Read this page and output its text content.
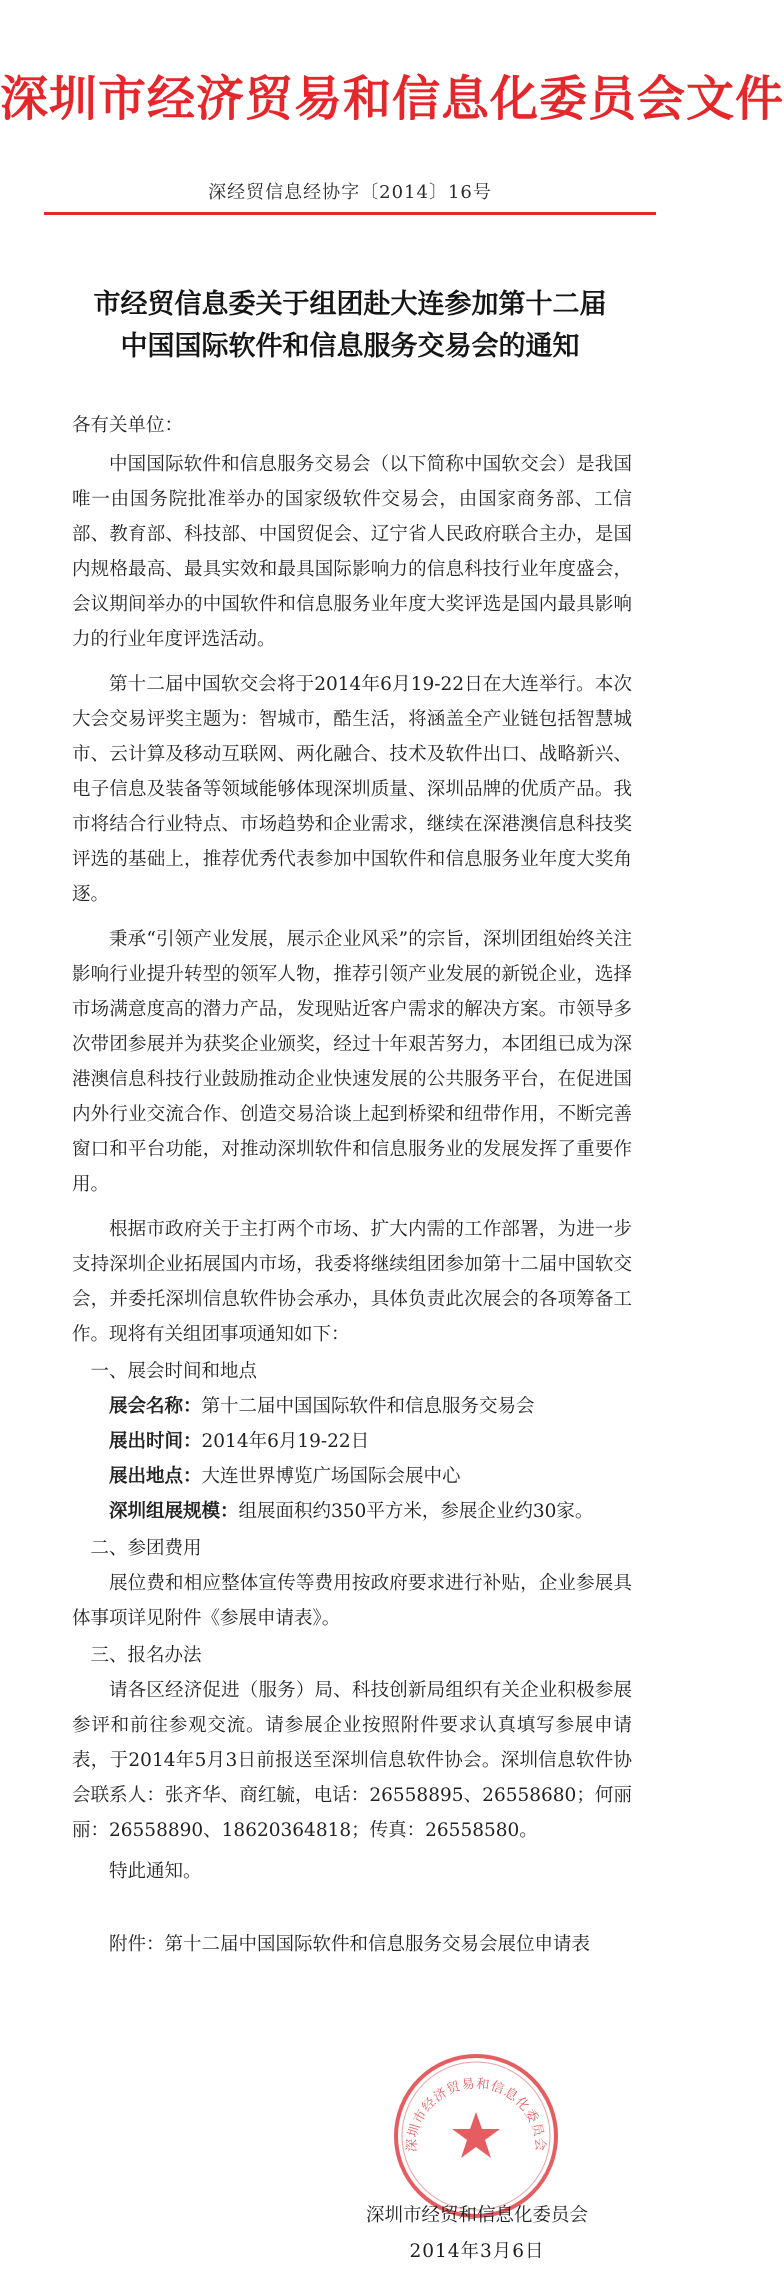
深圳市经济贸易和信息化委员会文件
深经贸信息经协字〔2014〕16号
市经贸信息委关于组团赴大连参加第十二届
中国国际软件和信息服务交易会的通知

各有关单位：

中国国际软件和信息服务交易会（以下简称中国软交会）是我国唯一由国务院批准举办的国家级软件交易会，由国家商务部、工信部、教育部、科技部、中国贸促会、辽宁省人民政府联合主办，是国内规格最高、最具实效和最具国际影响力的信息科技行业年度盛会，会议期间举办的中国软件和信息服务业年度大奖评选是国内最具影响力的行业年度评选活动。

第十二届中国软交会将于2014年6月19-22日在大连举行。本次大会交易评奖主题为：智城市，酷生活，将涵盖全产业链包括智慧城市、云计算及移动互联网、两化融合、技术及软件出口、战略新兴、电子信息及装备等领域能够体现深圳质量、深圳品牌的优质产品。我市将结合行业特点、市场趋势和企业需求，继续在深港澳信息科技奖评选的基础上，推荐优秀代表参加中国软件和信息服务业年度大奖角逐。

秉承“引领产业发展，展示企业风采”的宗旨，深圳团组始终关注影响行业提升转型的领军人物，推荐引领产业发展的新锐企业，选择市场满意度高的潜力产品，发现贴近客户需求的解决方案。市领导多次带团参展并为获奖企业颁奖，经过十年艰苦努力，本团组已成为深港澳信息科技行业鼓励推动企业快速发展的公共服务平台，在促进国内外行业交流合作、创造交易洽谈上起到桥梁和纽带作用，不断完善窗口和平台功能，对推动深圳软件和信息服务业的发展发挥了重要作用。

根据市政府关于主打两个市场、扩大内需的工作部署，为进一步支持深圳企业拓展国内市场，我委将继续组团参加第十二届中国软交会，并委托深圳信息软件协会承办，具体负责此次展会的各项筹备工作。现将有关组团事项通知如下：

一、展会时间和地点

展会名称：第十二届中国国际软件和信息服务交易会

展出时间：2014年6月19-22日

展出地点：大连世界博览广场国际会展中心

深圳组展规模：组展面积约350平方米，参展企业约30家。

二、参团费用

展位费和相应整体宣传等费用按政府要求进行补贴，企业参展具体事项详见附件《参展申请表》。

三、报名办法

请各区经济促进（服务）局、科技创新局组织有关企业积极参展参评和前往参观交流。请参展企业按照附件要求认真填写参展申请表，于2014年5月3日前报送至深圳信息软件协会。深圳信息软件协会联系人：张齐华、商红毓，电话：26558895、26558680；何丽丽：26558890、18620364818；传真：26558580。

特此通知。

附件：第十二届中国国际软件和信息服务交易会展位申请表

深圳市经济贸易和信息化委员会
深圳市经贸和信息化委员会
2014年3月6日
